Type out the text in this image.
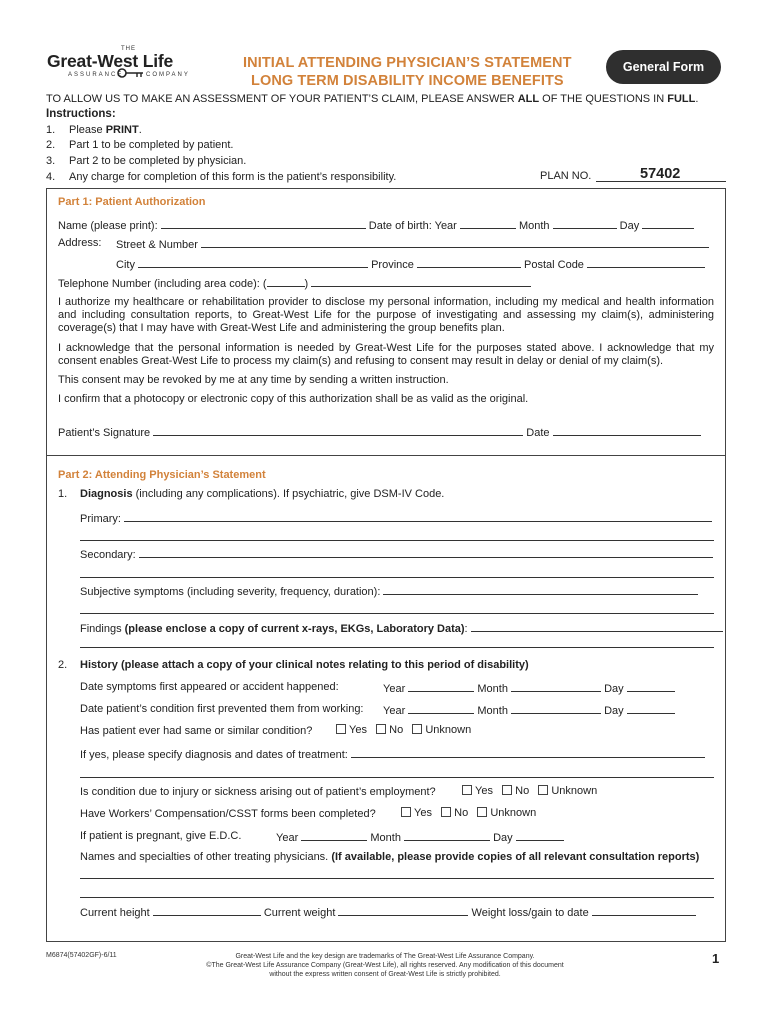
THE
Great-West Life
ASSURANCE	COMPANY
INITIAL ATTENDING PHYSICIAN’S STATEMENT
LONG TERM DISABILITY INCOME BENEFITS
General Form
TO ALLOW US TO MAKE AN ASSESSMENT OF YOUR PATIENT’S CLAIM, PLEASE ANSWER ALL OF THE QUESTIONS IN FULL.
Instructions:
1. Please PRINT.
2. Part 1 to be completed by patient.
3. Part 2 to be completed by physician.
4. Any charge for completion of this form is the patient’s responsibility.	PLAN NO.	57402
Part 1: Patient Authorization
Name (please print):	Date of birth: Year	Month	Day
Address: Street & Number
City	Province	Postal Code
Telephone Number (including area code): (	)
I authorize my healthcare or rehabilitation provider to disclose my personal information, including my medical and health information and including consultation reports, to Great-West Life for the purpose of investigating and assessing my claim(s), administering coverage(s) that I may have with Great-West Life and administering the group benefits plan.
I acknowledge that the personal information is needed by Great-West Life for the purposes stated above. I acknowledge that my consent enables Great-West Life to process my claim(s) and refusing to consent may result in delay or denial of my claim(s).
This consent may be revoked by me at any time by sending a written instruction.
I confirm that a photocopy or electronic copy of this authorization shall be as valid as the original.
Patient’s Signature	Date
Part 2: Attending Physician’s Statement
1. Diagnosis (including any complications). If psychiatric, give DSM-IV Code.
Primary:
Secondary:
Subjective symptoms (including severity, frequency, duration):
Findings (please enclose a copy of current x-rays, EKGs, Laboratory Data):
2. History (please attach a copy of your clinical notes relating to this period of disability)
Date symptoms first appeared or accident happened:	Year	Month	Day
Date patient’s condition first prevented them from working: Year	Month	Day
Has patient ever had same or similar condition?	Yes No Unknown
If yes, please specify diagnosis and dates of treatment:
Is condition due to injury or sickness arising out of patient’s employment?	Yes No Unknown
Have Workers’ Compensation/CSST forms been completed?	Yes No Unknown
If patient is pregnant, give E.D.C.	Year	Month	Day
Names and specialties of other treating physicians. (If available, please provide copies of all relevant consultation reports)
Current height	Current weight	Weight loss/gain to date
M6874(57402GF)-6/11	Great-West Life and the key design are trademarks of The Great-West Life Assurance Company.
©The Great-West Life Assurance Company (Great-West Life), all rights reserved. Any modification of this document
without the express written consent of Great-West Life is strictly prohibited.
1
